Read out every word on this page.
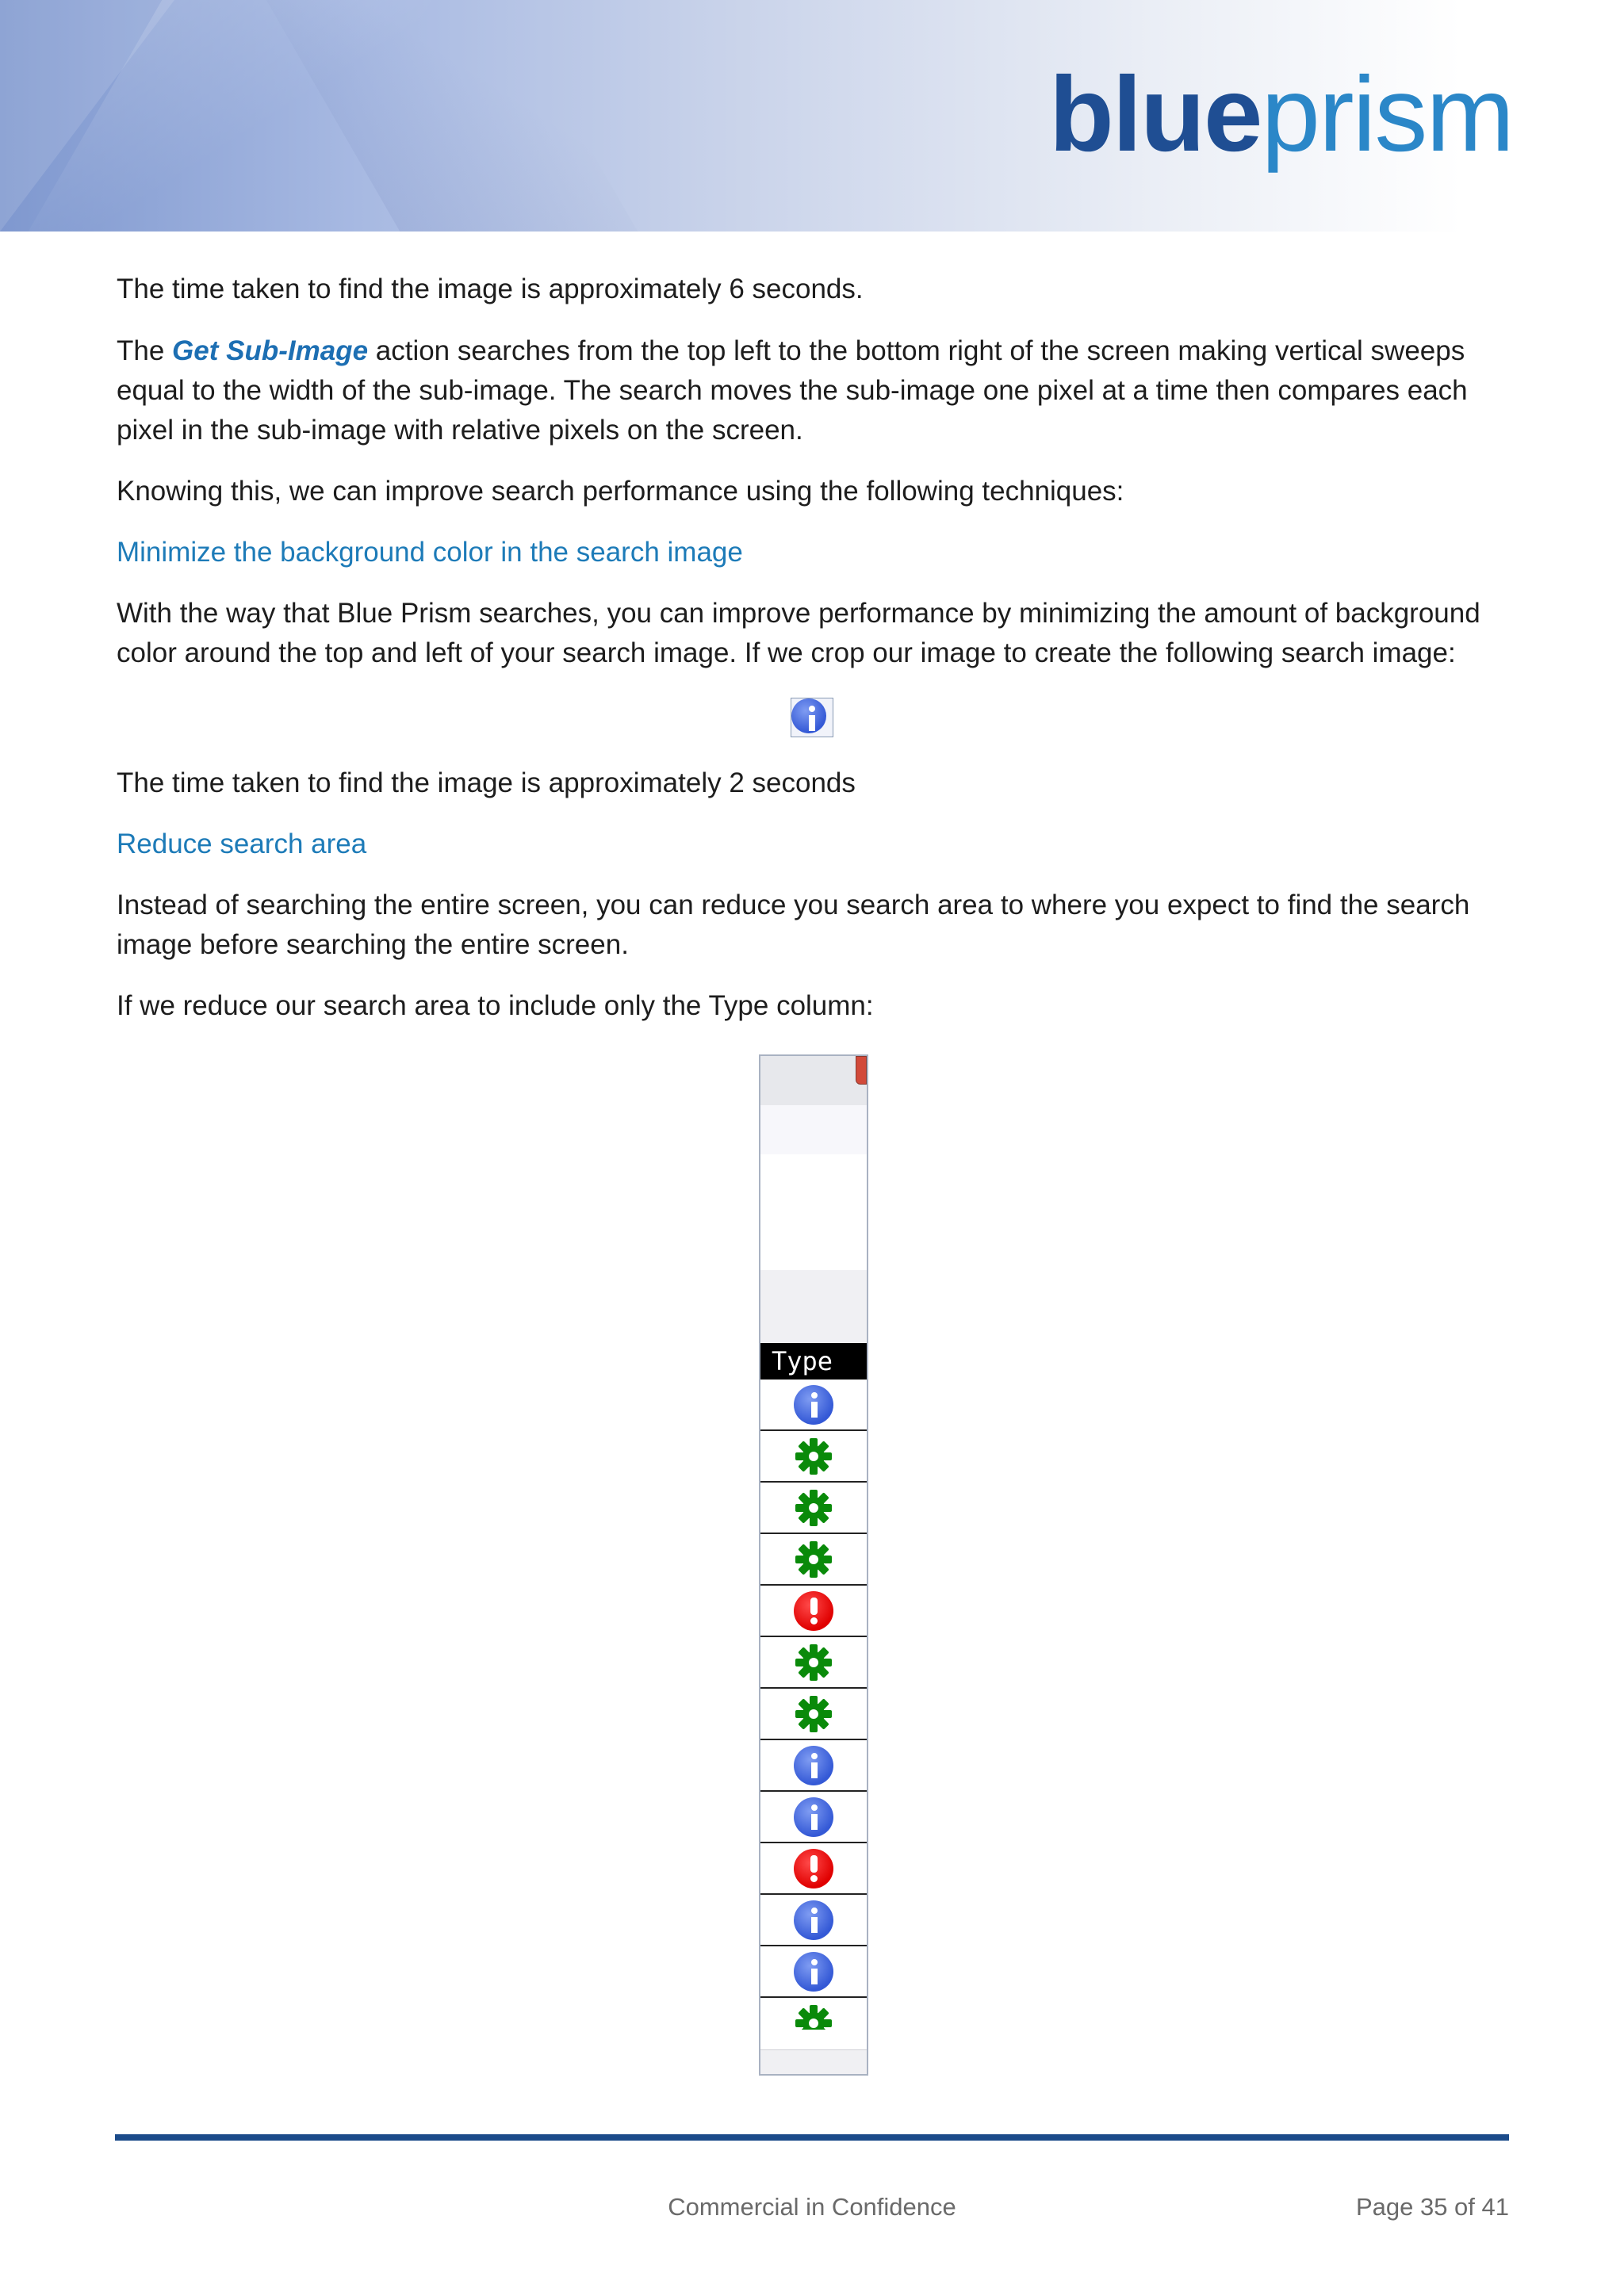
blueprism

The time taken to find the image is approximately 6 seconds.

The Get Sub-Image action searches from the top left to the bottom right of the screen making vertical sweeps equal to the width of the sub-image. The search moves the sub-image one pixel at a time then compares each pixel in the sub-image with relative pixels on the screen.

Knowing this, we can improve search performance using the following techniques:

Minimize the background color in the search image

With the way that Blue Prism searches, you can improve performance by minimizing the amount of background color around the top and left of your search image. If we crop our image to create the following search image:

The time taken to find the image is approximately 2 seconds

Reduce search area

Instead of searching the entire screen, you can reduce you search area to where you expect to find the search image before searching the entire screen.

If we reduce our search area to include only the Type column:

Type
Commercial in Confidence	Page 35 of 41
